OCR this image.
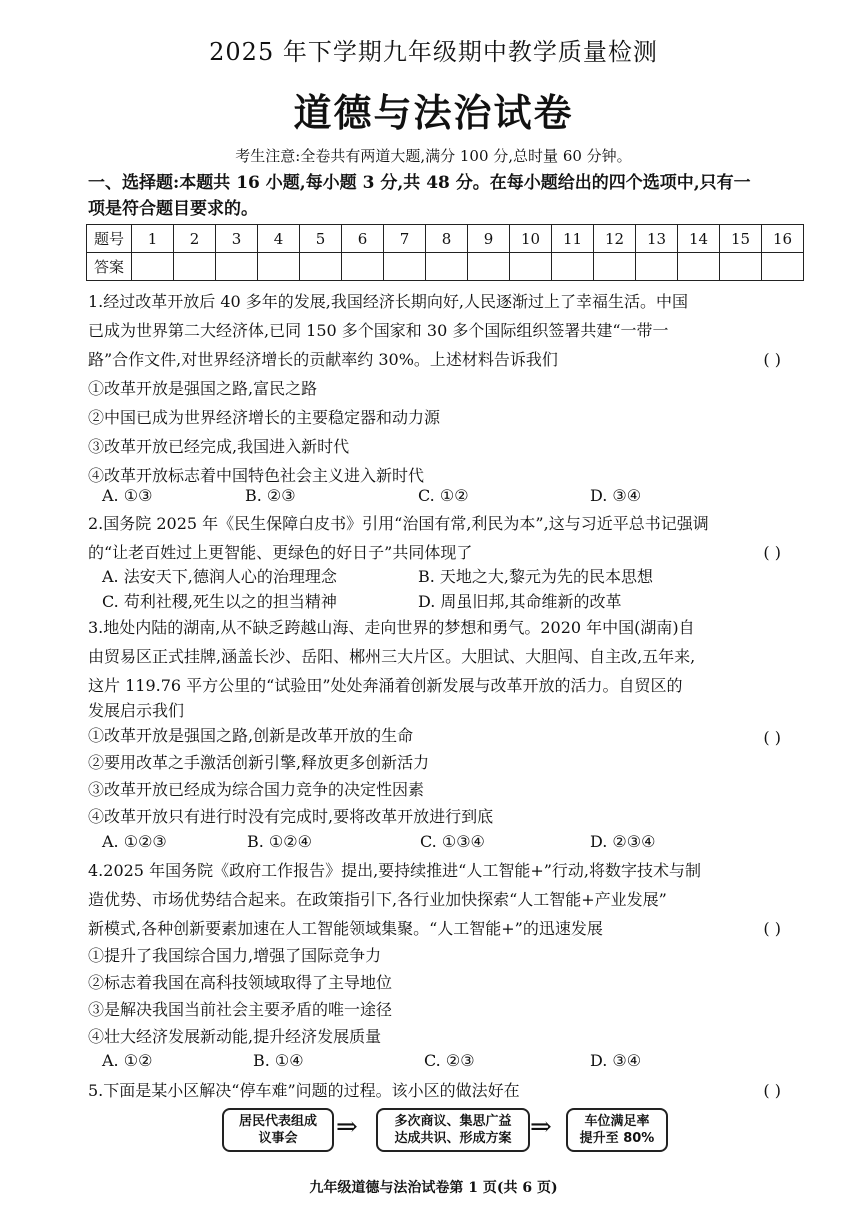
2025 年下学期九年级期中教学质量检测
道德与法治试卷
考生注意:全卷共有两道大题,满分 100 分,总时量 60 分钟。
一、选择题:本题共 16 小题,每小题 3 分,共 48 分。在每小题给出的四个选项中,只有一
项是符合题目要求的。
题号	1	2	3	4	5	6	7	8	9	10	11	12	13	14	15	16
答案																
1.经过改革开放后 40 多年的发展,我国经济长期向好,人民逐渐过上了幸福生活。中国
已成为世界第二大经济体,已同 150 多个国家和 30 多个国际组织签署共建“一带一
路”合作文件,对世界经济增长的贡献率约 30%。上述材料告诉我们	( )
①改革开放是强国之路,富民之路
②中国已成为世界经济增长的主要稳定器和动力源
③改革开放已经完成,我国进入新时代
④改革开放标志着中国特色社会主义进入新时代
A. ①③	B. ②③	C. ①②	D. ③④
2.国务院 2025 年《民生保障白皮书》引用“治国有常,利民为本”,这与习近平总书记强调
的“让老百姓过上更智能、更绿色的好日子”共同体现了	( )
A. 法安天下,德润人心的治理理念	B. 天地之大,黎元为先的民本思想
C. 苟利社稷,死生以之的担当精神	D. 周虽旧邦,其命维新的改革
3.地处内陆的湖南,从不缺乏跨越山海、走向世界的梦想和勇气。2020 年中国(湖南)自
由贸易区正式挂牌,涵盖长沙、岳阳、郴州三大片区。大胆试、大胆闯、自主改,五年来,
这片 119.76 平方公里的“试验田”处处奔涌着创新发展与改革开放的活力。自贸区的
发展启示我们
( )
①改革开放是强国之路,创新是改革开放的生命
②要用改革之手激活创新引擎,释放更多创新活力
③改革开放已经成为综合国力竞争的决定性因素
④改革开放只有进行时没有完成时,要将改革开放进行到底
A. ①②③	B. ①②④	C. ①③④	D. ②③④
4.2025 年国务院《政府工作报告》提出,要持续推进“人工智能+”行动,将数字技术与制
造优势、市场优势结合起来。在政策指引下,各行业加快探索“人工智能+产业发展”
新模式,各种创新要素加速在人工智能领域集聚。“人工智能+”的迅速发展	( )
①提升了我国综合国力,增强了国际竞争力
②标志着我国在高科技领域取得了主导地位
③是解决我国当前社会主要矛盾的唯一途径
④壮大经济发展新动能,提升经济发展质量
A. ①②	B. ①④	C. ②③	D. ③④
5.下面是某小区解决“停车难”问题的过程。该小区的做法好在	( )
居民代表组成
议事会	⇒	多次商议、集思广益
达成共识、形成方案 ⇒	车位满足率
提升至 80%
九年级道德与法治试卷第 1 页(共 6 页)
